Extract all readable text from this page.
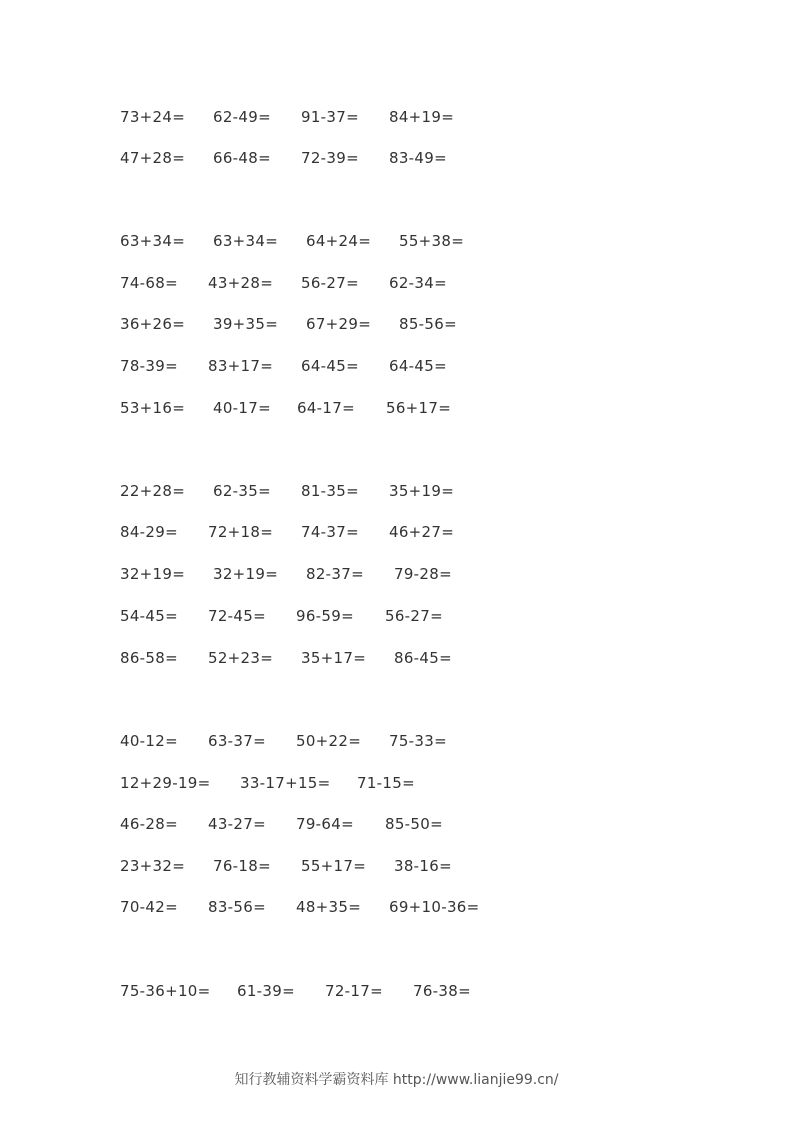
73+24= 62-49= 91-37= 84+19=
47+28= 66-48= 72-39= 83-49=
63+34= 63+34= 64+24= 55+38=
74-68= 43+28= 56-27= 62-34=
36+26= 39+35= 67+29= 85-56=
78-39= 83+17= 64-45= 64-45=
53+16= 40-17= 64-17= 56+17=
22+28= 62-35= 81-35= 35+19=
84-29= 72+18= 74-37= 46+27=
32+19= 32+19= 82-37= 79-28=
54-45= 72-45= 96-59= 56-27=
86-58= 52+23= 35+17= 86-45=
40-12= 63-37= 50+22= 75-33=
12+29-19= 33-17+15= 71-15=
46-28= 43-27= 79-64= 85-50=
23+32= 76-18= 55+17= 38-16=
70-42= 83-56= 48+35= 69+10-36=
75-36+10= 61-39= 72-17= 76-38=
知行教辅资料学霸资料库 http://www.lianjie99.cn/
